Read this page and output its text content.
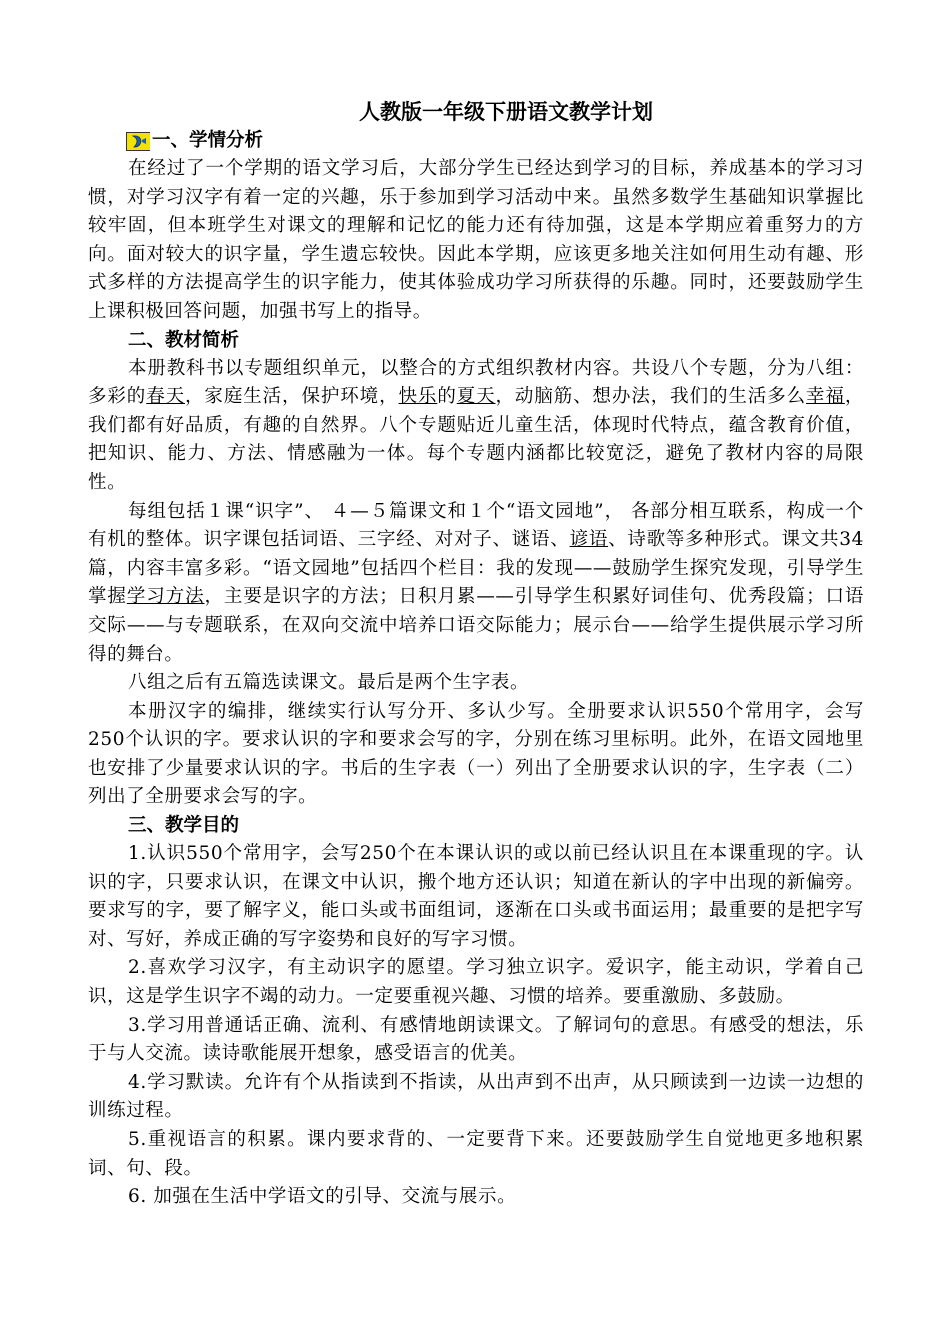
人教版一年级下册语文教学计划
一、学情分析

在经过了一个学期的语文学习后，大部分学生已经达到学习的目标，养成基本的学习习惯，对学习汉字有着一定的兴趣，乐于参加到学习活动中来。虽然多数学生基础知识掌握比较牢固，但本班学生对课文的理解和记忆的能力还有待加强，这是本学期应着重努力的方向。面对较大的识字量，学生遗忘较快。因此本学期，应该更多地关注如何用生动有趣、形式多样的方法提高学生的识字能力，使其体验成功学习所获得的乐趣。同时，还要鼓励学生上课积极回答问题，加强书写上的指导。

二、教材简析

本册教科书以专题组织单元，以整合的方式组织教材内容。共设八个专题，分为八组：多彩的春天，家庭生活，保护环境，快乐的夏天，动脑筋、想办法，我们的生活多么幸福，我们都有好品质，有趣的自然界。八个专题贴近儿童生活，体现时代特点，蕴含教育价值，把知识、能力、方法、情感融为一体。每个专题内涵都比较宽泛，避免了教材内容的局限性。

每组包括１课“识字”、 ４—５篇课文和１个“语文园地”， 各部分相互联系，构成一个有机的整体。识字课包括词语、三字经、对对子、谜语、谚语、诗歌等多种形式。课文共34篇，内容丰富多彩。“语文园地”包括四个栏目：我的发现——鼓励学生探究发现，引导学生掌握学习方法，主要是识字的方法；日积月累——引导学生积累好词佳句、优秀段篇；口语交际——与专题联系，在双向交流中培养口语交际能力；展示台——给学生提供展示学习所得的舞台。

八组之后有五篇选读课文。最后是两个生字表。

本册汉字的编排，继续实行认写分开、多认少写。全册要求认识550个常用字，会写250个认识的字。要求认识的字和要求会写的字，分别在练习里标明。此外，在语文园地里也安排了少量要求认识的字。书后的生字表（一）列出了全册要求认识的字，生字表（二）列出了全册要求会写的字。

三、教学目的

1.认识550个常用字，会写250个在本课认识的或以前已经认识且在本课重现的字。认识的字，只要求认识，在课文中认识，搬个地方还认识；知道在新认的字中出现的新偏旁。要求写的字，要了解字义，能口头或书面组词，逐渐在口头或书面运用；最重要的是把字写对、写好，养成正确的写字姿势和良好的写字习惯。

2.喜欢学习汉字，有主动识字的愿望。学习独立识字。爱识字，能主动识，学着自己识，这是学生识字不竭的动力。一定要重视兴趣、习惯的培养。要重激励、多鼓励。

3.学习用普通话正确、流利、有感情地朗读课文。了解词句的意思。有感受的想法，乐于与人交流。读诗歌能展开想象，感受语言的优美。

4.学习默读。允许有个从指读到不指读，从出声到不出声，从只顾读到一边读一边想的训练过程。

5.重视语言的积累。课内要求背的、一定要背下来。还要鼓励学生自觉地更多地积累词、句、段。

6. 加强在生活中学语文的引导、交流与展示。
